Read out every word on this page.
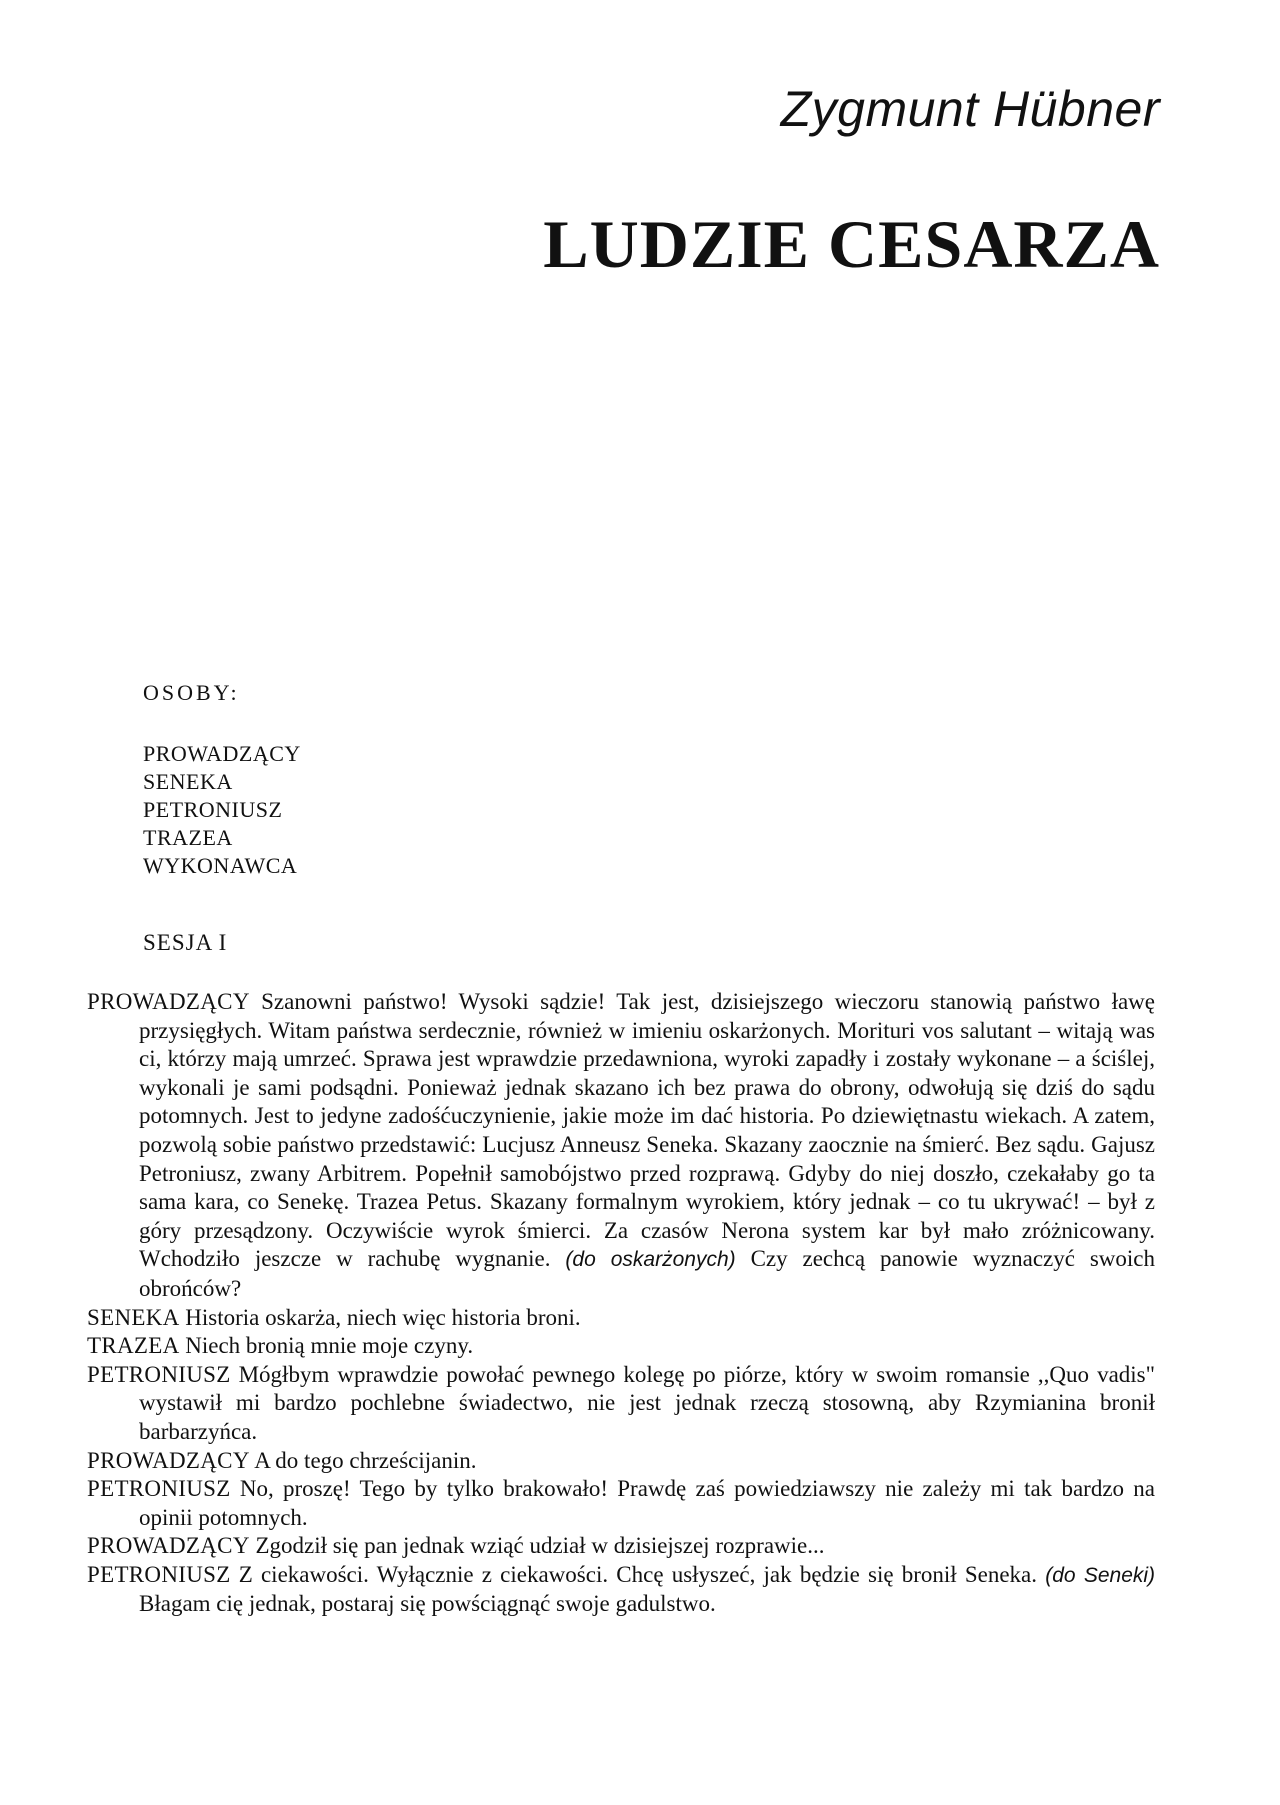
Zygmunt Hübner
LUDZIE CESARZA
OSOBY:
PROWADZĄCY
SENEKA
PETRONIUSZ
TRAZEA
WYKONAWCA
SESJA I

PROWADZĄCY Szanowni państwo! Wysoki sądzie! Tak jest, dzisiejszego wieczoru stanowią państwo ławę przysięgłych. Witam państwa serdecznie, również w imieniu oskarżonych. Morituri vos salutant – witają was ci, którzy mają umrzeć. Sprawa jest wprawdzie przedawniona, wyroki zapadły i zostały wykonane – a ściślej, wykonali je sami podsądni. Ponieważ jednak skazano ich bez prawa do obrony, odwołują się dziś do sądu potomnych. Jest to jedyne zadośćuczynienie, jakie może im dać historia. Po dziewiętnastu wiekach. A zatem, pozwolą sobie państwo przedstawić: Lucjusz Anneusz Seneka. Skazany zaocznie na śmierć. Bez sądu. Gajusz Petroniusz, zwany Arbitrem. Popełnił samobójstwo przed rozprawą. Gdyby do niej doszło, czekałaby go ta sama kara, co Senekę. Trazea Petus. Skazany formalnym wyrokiem, który jednak – co tu ukrywać! – był z góry przesądzony. Oczywiście wyrok śmierci. Za czasów Nerona system kar był mało zróżnicowany. Wchodziło jeszcze w rachubę wygnanie. (do oskarżonych) Czy zechcą panowie wyznaczyć swoich obrońców?

SENEKA Historia oskarża, niech więc historia broni.

TRAZEA Niech bronią mnie moje czyny.

PETRONIUSZ Mógłbym wprawdzie powołać pewnego kolegę po piórze, który w swoim romansie ,,Quo vadis" wystawił mi bardzo pochlebne świadectwo, nie jest jednak rzeczą stosowną, aby Rzymianina bronił barbarzyńca.

PROWADZĄCY A do tego chrześcijanin.

PETRONIUSZ No, proszę! Tego by tylko brakowało! Prawdę zaś powiedziawszy nie zależy mi tak bardzo na opinii potomnych.

PROWADZĄCY Zgodził się pan jednak wziąć udział w dzisiejszej rozprawie...

PETRONIUSZ Z ciekawości. Wyłącznie z ciekawości. Chcę usłyszeć, jak będzie się bronił Seneka. (do Seneki) Błagam cię jednak, postaraj się powściągnąć swoje gadulstwo.
